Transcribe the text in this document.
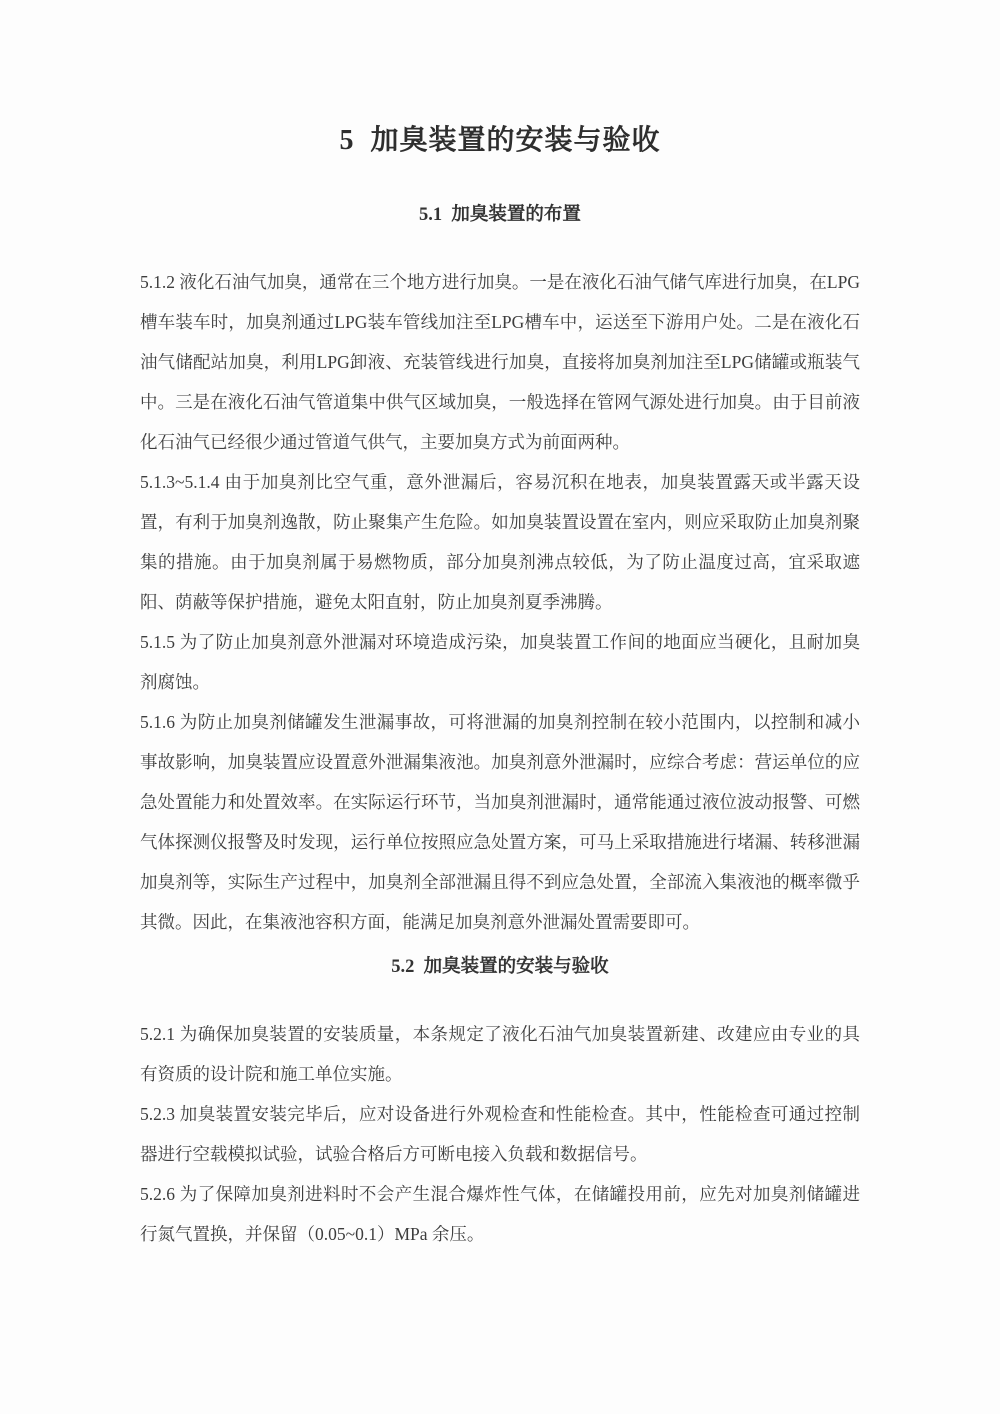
5  加臭装置的安装与验收
5.1  加臭装置的布置

5.1.2 液化石油气加臭，通常在三个地方进行加臭。一是在液化石油气储气库进行加臭，在LPG槽车装车时，加臭剂通过LPG装车管线加注至LPG槽车中，运送至下游用户处。二是在液化石油气储配站加臭，利用LPG卸液、充装管线进行加臭，直接将加臭剂加注至LPG储罐或瓶装气中。三是在液化石油气管道集中供气区域加臭，一般选择在管网气源处进行加臭。由于目前液化石油气已经很少通过管道气供气，主要加臭方式为前面两种。

5.1.3~5.1.4 由于加臭剂比空气重，意外泄漏后，容易沉积在地表，加臭装置露天或半露天设置，有利于加臭剂逸散，防止聚集产生危险。如加臭装置设置在室内，则应采取防止加臭剂聚集的措施。由于加臭剂属于易燃物质，部分加臭剂沸点较低，为了防止温度过高，宜采取遮阳、荫蔽等保护措施，避免太阳直射，防止加臭剂夏季沸腾。

5.1.5 为了防止加臭剂意外泄漏对环境造成污染，加臭装置工作间的地面应当硬化，且耐加臭剂腐蚀。

5.1.6 为防止加臭剂储罐发生泄漏事故，可将泄漏的加臭剂控制在较小范围内，以控制和减小事故影响，加臭装置应设置意外泄漏集液池。加臭剂意外泄漏时，应综合考虑：营运单位的应急处置能力和处置效率。在实际运行环节，当加臭剂泄漏时，通常能通过液位波动报警、可燃气体探测仪报警及时发现，运行单位按照应急处置方案，可马上采取措施进行堵漏、转移泄漏加臭剂等，实际生产过程中，加臭剂全部泄漏且得不到应急处置，全部流入集液池的概率微乎其微。因此，在集液池容积方面，能满足加臭剂意外泄漏处置需要即可。

5.2  加臭装置的安装与验收

5.2.1 为确保加臭装置的安装质量，本条规定了液化石油气加臭装置新建、改建应由专业的具有资质的设计院和施工单位实施。

5.2.3 加臭装置安装完毕后，应对设备进行外观检查和性能检查。其中，性能检查可通过控制器进行空载模拟试验，试验合格后方可断电接入负载和数据信号。

5.2.6 为了保障加臭剂进料时不会产生混合爆炸性气体，在储罐投用前，应先对加臭剂储罐进行氮气置换，并保留（0.05~0.1）MPa 余压。
